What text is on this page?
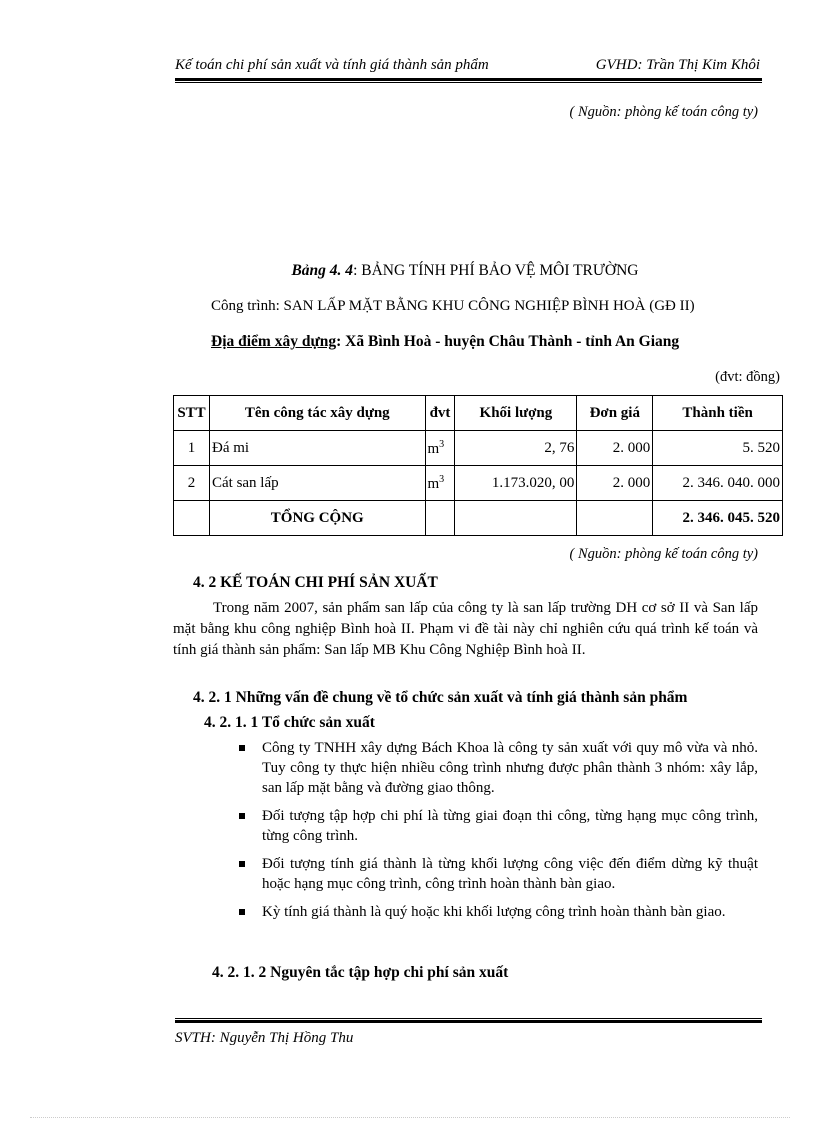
Kế toán chi phí sản xuất và tính giá thành sản phẩm	GVHD: Trần Thị Kim Khôi
( Nguồn: phòng kế toán công ty)
Bảng 4. 4: BẢNG TÍNH PHÍ BẢO VỆ MÔI TRƯỜNG
Công trình: SAN LẤP MẶT BẰNG KHU CÔNG NGHIỆP BÌNH HOÀ (GĐ II)
Địa điểm xây dựng: Xã Bình Hoà - huyện Châu Thành - tỉnh An Giang
(đvt: đồng)
STT	Tên công tác xây dựng	đvt	Khối lượng	Đơn giá	Thành tiền
1	Đá mi	$m^3$	2, 76	2. 000	5. 520
2	Cát san lấp	$m^3$	1.173.020, 00	2. 000	2. 346. 040. 000
	TỔNG CỘNG				2. 346. 045. 520
( Nguồn: phòng kế toán công ty)
4. 2 KẾ TOÁN CHI PHÍ SẢN XUẤT
Trong năm 2007, sản phẩm san lấp của công ty là san lấp trường DH cơ sở II và San lấp mặt bằng khu công nghiệp Bình hoà II. Phạm vi đề tài này chỉ nghiên cứu quá trình kế toán và tính giá thành sản phẩm: San lấp MB Khu Công Nghiệp Bình hoà II.
4. 2. 1 Những vấn đề chung về tổ chức sản xuất và tính giá thành sản phẩm
4. 2. 1. 1 Tổ chức sản xuất
Công ty TNHH xây dựng Bách Khoa là công ty sản xuất với quy mô vừa và nhỏ. Tuy công ty thực hiện nhiều công trình nhưng được phân thành 3 nhóm: xây lắp, san lấp mặt bằng và đường giao thông.
Đối tượng tập hợp chi phí là từng giai đoạn thi công, từng hạng mục công trình, từng công trình.
Đối tượng tính giá thành là từng khối lượng công việc đến điểm dừng kỹ thuật hoặc hạng mục công trình, công trình hoàn thành bàn giao.
Kỳ tính giá thành là quý hoặc khi khối lượng công trình hoàn thành bàn giao.
4. 2. 1. 2 Nguyên tắc tập hợp chi phí sản xuất
SVTH: Nguyễn Thị Hồng Thu
